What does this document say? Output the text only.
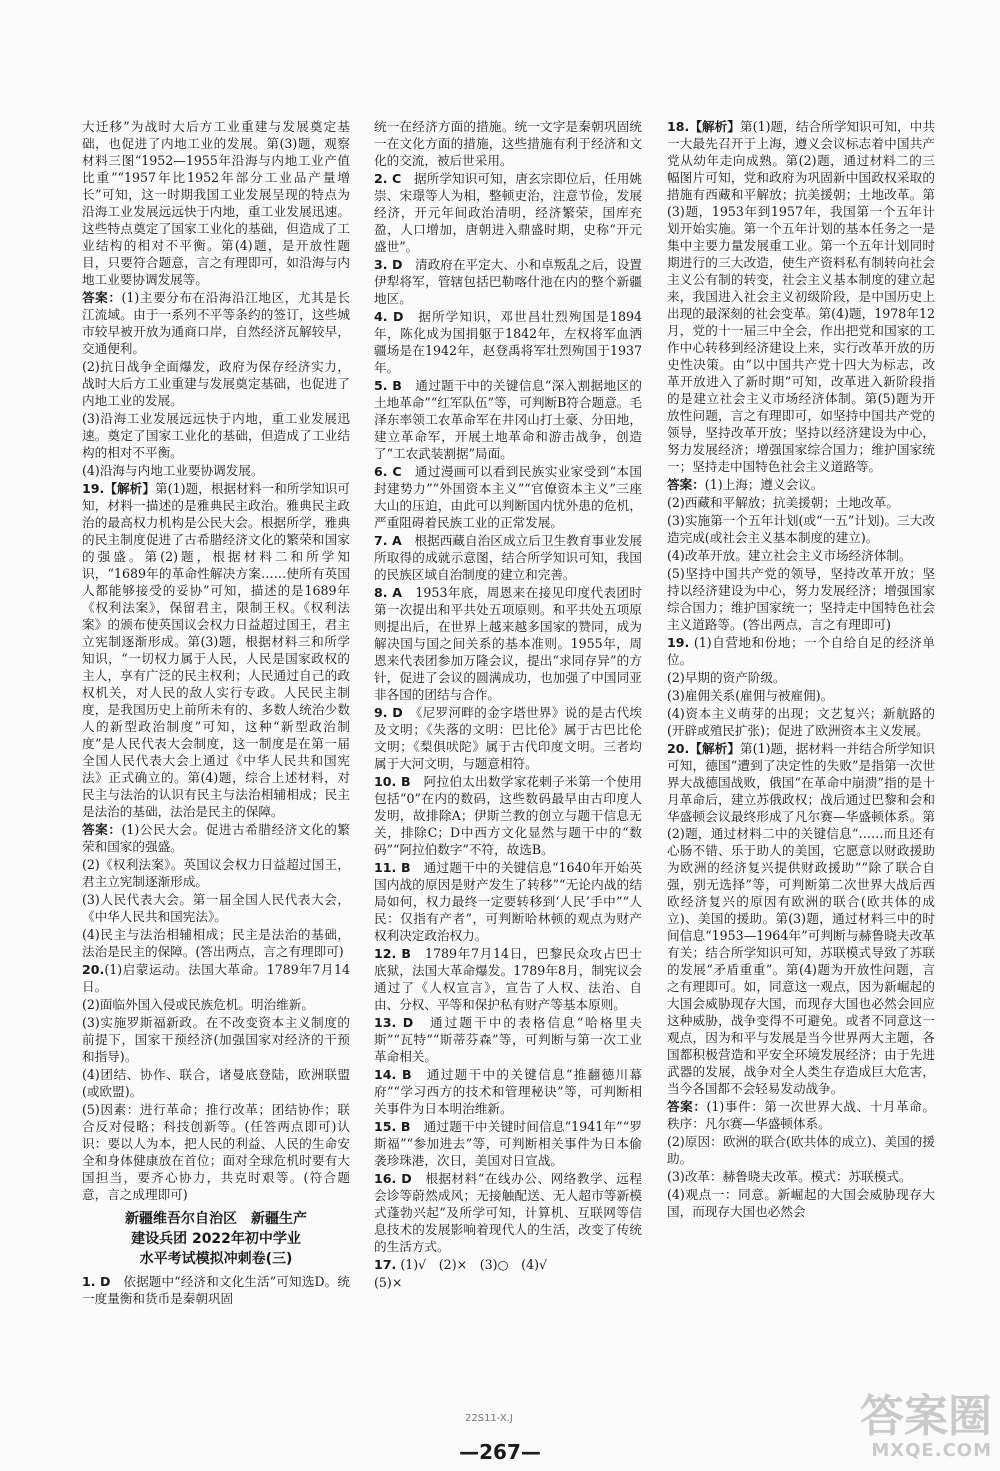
大迁移”为战时大后方工业重建与发展奠定基础，也促进了内地工业的发展。第(3)题，观察材料三图“1952—1955年沿海与内地工业产值比重”“1957年比1952年部分工业品产量增长”可知，这一时期我国工业发展呈现的特点为沿海工业发展远远快于内地，重工业发展迅速。这些特点奠定了国家工业化的基础，但造成了工业结构的相对不平衡。第(4)题，是开放性题目，只要符合题意，言之有理即可，如沿海与内地工业要协调发展等。

答案：(1)主要分布在沿海沿江地区，尤其是长江流域。由于一系列不平等条约的签订，这些城市较早被开放为通商口岸，自然经济瓦解较早，交通便利。

(2)抗日战争全面爆发，政府为保存经济实力，战时大后方工业重建与发展奠定基础，也促进了内地工业的发展。

(3)沿海工业发展远远快于内地，重工业发展迅速。奠定了国家工业化的基础，但造成了工业结构的相对不平衡。

(4)沿海与内地工业要协调发展。

19.【解析】第(1)题，根据材料一和所学知识可知，材料一描述的是雅典民主政治。雅典民主政治的最高权力机构是公民大会。根据所学，雅典的民主制度促进了古希腊经济文化的繁荣和国家的强盛。第(2)题，根据材料二和所学知识，“1689年的革命性解决方案……使所有英国人都能够接受的妥协”可知，描述的是1689年《权利法案》，保留君主，限制王权。《权利法案》的颁布使英国议会权力日益超过国王，君主立宪制逐渐形成。第(3)题，根据材料三和所学知识，“一切权力属于人民，人民是国家政权的主人，享有广泛的民主权利；人民通过自己的政权机关，对人民的敌人实行专政。人民民主制度，是我国历史上前所未有的、多数人统治少数人的新型政治制度”可知，这种“新型政治制度”是人民代表大会制度，这一制度是在第一届全国人民代表大会上通过《中华人民共和国宪法》正式确立的。第(4)题，综合上述材料，对民主与法治的认识有民主与法治相辅相成；民主是法治的基础，法治是民主的保障。

答案：(1)公民大会。促进古希腊经济文化的繁荣和国家的强盛。

(2)《权利法案》。英国议会权力日益超过国王，君主立宪制逐渐形成。

(3)人民代表大会。第一届全国人民代表大会，《中华人民共和国宪法》。

(4)民主与法治相辅相成；民主是法治的基础，法治是民主的保障。(答出两点，言之有理即可)

20.(1)启蒙运动。法国大革命。1789年7月14日。

(2)面临外国入侵或民族危机。明治维新。

(3)实施罗斯福新政。在不改变资本主义制度的前提下，国家干预经济(加强国家对经济的干预和指导)。

(4)团结、协作、联合，诸曼底登陆，欧洲联盟(或欧盟)。

(5)因素：进行革命；推行改革；团结协作；联合反对侵略；科技创新等。(任答两点即可)认识：要以人为本，把人民的利益、人民的生命安全和身体健康放在首位；面对全球危机时要有大国担当，要齐心协力，共克时艰等。(符合题意，言之成理即可)

新疆维吾尔自治区　新疆生产
建设兵团 2022年初中学业
水平考试模拟冲刺卷(三)

1. D　依据题中“经济和文化生活”可知选D。统一度量衡和货币是秦朝巩固

统一在经济方面的措施。统一文字是秦朝巩固统一在文化方面的措施，这些措施有利于经济和文化的交流，被后世采用。

2. C　据所学知识可知，唐玄宗即位后，任用姚崇、宋璟等人为相，整顿吏治，注意节俭，发展经济，开元年间政治清明，经济繁荣，国库充盈，人口增加，唐朝进入鼎盛时期，史称“开元盛世”。

3. D　清政府在平定大、小和卓叛乱之后，设置伊犁将军，管辖包括巴勒喀什池在内的整个新疆地区。

4. D　据所学知识，邓世昌壮烈殉国是1894年，陈化成为国捐躯于1842年，左权将军血洒疆场是在1942年，赵登禹将军壮烈殉国于1937年。

5. B　通过题干中的关键信息“深入割据地区的土地革命”“红军队伍”等，可判断B符合题意。毛泽东率领工农革命军在井冈山打土豪、分田地，建立革命军，开展土地革命和游击战争，创造了“工农武装割据”局面。

6. C　通过漫画可以看到民族实业家受到“本国封建势力”“外国资本主义”“官僚资本主义”三座大山的压迫，由此可以判断国内忧外患的危机，严重阻碍着民族工业的正常发展。

7. A　根据西藏自治区成立后卫生教育事业发展所取得的成就示意图，结合所学知识可知，我国的民族区域自治制度的建立和完善。

8. A　1953年底，周恩来在接见印度代表团时第一次提出和平共处五项原则。和平共处五项原则提出后，在世界上越来越多国家的赞同，成为解决国与国之间关系的基本准则。1955年，周恩来代表团参加万隆会议，提出“求同存异”的方针，促进了会议的圆满成功，也加强了中国同亚非各国的团结与合作。

9. D　《尼罗河畔的金字塔世界》说的是古代埃及文明；《失落的文明：巴比伦》属于古巴比伦文明；《梨俱吠陀》属于古代印度文明。三者均属于大河文明，与题意相符。

10. B　阿拉伯太出数学家花剌子米第一个使用包括“0”在内的数码，这些数码最早由古印度人发明，故排除A；伊斯兰教的创立与题干信息无关，排除C；D中西方文化显然与题干中的“数码”“阿拉伯数字”不符，故选B。

11. B　通过题干中的关键信息“1640年开始英国内战的原因是财产发生了转移”“无论内战的结局如何，权力最终一定要转移到‘人民’手中”“人民：仅指有产者”，可判断哈林顿的观点为财产权利决定政治权力。

12. B　1789年7月14日，巴黎民众攻占巴士底狱，法国大革命爆发。1789年8月，制宪议会通过了《人权宣言》，宣告了人权、法治、自由、分权、平等和保护私有财产等基本原则。

13. D　通过题干中的表格信息“哈格里夫斯”“瓦特”“斯蒂芬森”等，可判断与第一次工业革命相关。

14. B　通过题干中的关键信息“推翻德川幕府”“学习西方的技术和管理秘诀”等，可判断相关事件为日本明治维新。

15. B　通过题干中关键时间信息“1941年”“罗斯福”“参加进去”等，可判断相关事件为日本偷袭珍珠港，次日，美国对日宣战。

16. D　根据材料“在线办公、网络教学、远程会诊等蔚然成风；无接触配送、无人超市等新模式蓬勃兴起”及所学可知，计算机、互联网等信息技术的发展影响着现代人的生活，改变了传统的生活方式。

17. (1)√　(2)×　(3)○　(4)√

(5)×

18.【解析】第(1)题，结合所学知识可知，中共一大最先召开于上海，遵义会议标志着中国共产党从幼年走向成熟。第(2)题，通过材料二的三幅图片可知，党和政府为巩固新中国政权采取的措施有西藏和平解放；抗美援朝；土地改革。第(3)题，1953年到1957年，我国第一个五年计划开始实施。第一个五年计划的基本任务之一是集中主要力量发展重工业。第一个五年计划同时期进行的三大改造，使生产资料私有制转向社会主义公有制的转变，社会主义基本制度的建立起来，我国进入社会主义初级阶段，是中国历史上出现的最深刻的社会变革。第(4)题，1978年12月，党的十一届三中全会，作出把党和国家的工作中心转移到经济建设上来，实行改革开放的历史性决策。由“以中国共产党十四大为标志，改革开放进入了新时期”可知，改革进入新阶段指的是建立社会主义市场经济体制。第(5)题为开放性问题，言之有理即可，如坚持中国共产党的领导，坚持改革开放；坚持以经济建设为中心，努力发展经济；增强国家综合国力；维护国家统一；坚持走中国特色社会主义道路等。

答案：(1)上海；遵义会议。

(2)西藏和平解放；抗美援朝；土地改革。

(3)实施第一个五年计划(或“一五”计划)。三大改造完成(或社会主义基本制度的建立)。

(4)改革开放。建立社会主义市场经济体制。

(5)坚持中国共产党的领导，坚持改革开放；坚持以经济建设为中心，努力发展经济；增强国家综合国力；维护国家统一；坚持走中国特色社会主义道路等。(答出两点，言之有理即可)

19. (1)自营地和份地；一个自给自足的经济单位。

(2)早期的资产阶级。

(3)雇佣关系(雇佣与被雇佣)。

(4)资本主义萌芽的出现；文艺复兴；新航路的(开辟或殖民扩张)；促进了欧洲资本主义发展。

20.【解析】第(1)题，据材料一并结合所学知识可知，德国“遭到了决定性的失败”是指第一次世界大战德国战败，俄国“在革命中崩溃”指的是十月革命后，建立苏俄政权；战后通过巴黎和会和华盛顿会议最终形成了凡尔赛—华盛顿体系。第(2)题，通过材料二中的关键信息“……而且还有心肠不错、乐于助人的美国，它愿意以财政援助为欧洲的经济复兴提供财政援助”“除了联合自强，别无选择”等，可判断第二次世界大战后西欧经济复兴的原因有欧洲的联合(欧共体的成立)、美国的援助。第(3)题，通过材料三中的时间信息“1953—1964年”可判断与赫鲁晓夫改革有关；结合所学知识可知，苏联模式导致了苏联的发展“矛盾重重”。第(4)题为开放性问题，言之有理即可。如，同意这一观点，因为新崛起的大国会威胁现存大国，而现存大国也必然会回应这种威胁，战争变得不可避免。或者不同意这一观点，因为和平与发展是当今世界两大主题，各国都积极营造和平安全环境发展经济；由于先进武器的发展，战争对全人类生存造成巨大危害，当今各国都不会轻易发动战争。

答案：(1)事件：第一次世界大战、十月革命。秩序：凡尔赛—华盛顿体系。

(2)原因：欧洲的联合(欧共体的成立)、美国的援助。

(3)改革：赫鲁晓夫改革。模式：苏联模式。

(4)观点一：同意。新崛起的大国会威胁现存大国，而现存大国也必然会

22S11-X.J
—267—
答案圈
MXQE.COM
